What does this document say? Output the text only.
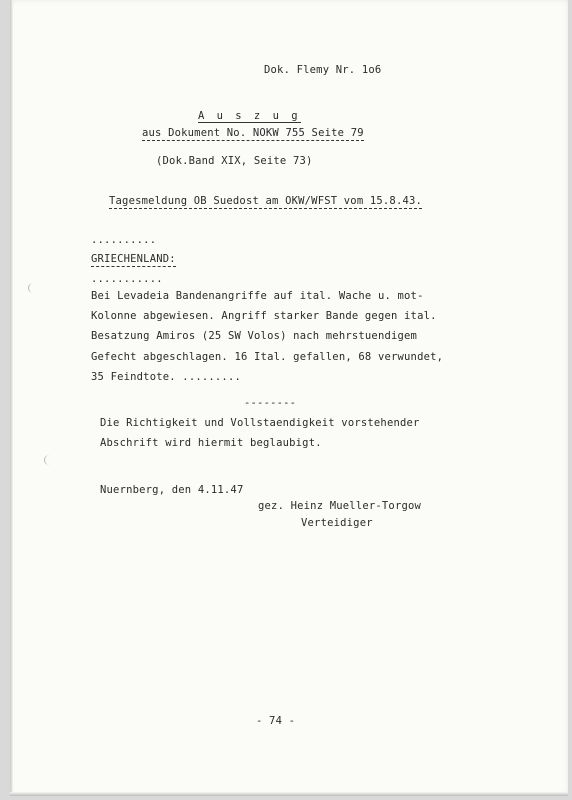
Dok. Flemy Nr. 1o6
A u s z u g
aus Dokument No. NOKW 755 Seite 79
(Dok.Band XIX, Seite 73)
Tagesmeldung OB Suedost am OKW/WFST vom 15.8.43.
..........
GRIECHENLAND:
...........
Bei Levadeia Bandenangriffe auf ital. Wache u. mot-
Kolonne abgewiesen. Angriff starker Bande gegen ital.
Besatzung Amiros (25 SW Volos) nach mehrstuendigem
Gefecht abgeschlagen. 16 Ital. gefallen, 68 verwundet,
35 Feindtote. .........
--------
Die Richtigkeit und Vollstaendigkeit vorstehender
Abschrift wird hiermit beglaubigt.
Nuernberg, den 4.11.47
gez. Heinz Mueller-Torgow
Verteidiger
- 74 -
